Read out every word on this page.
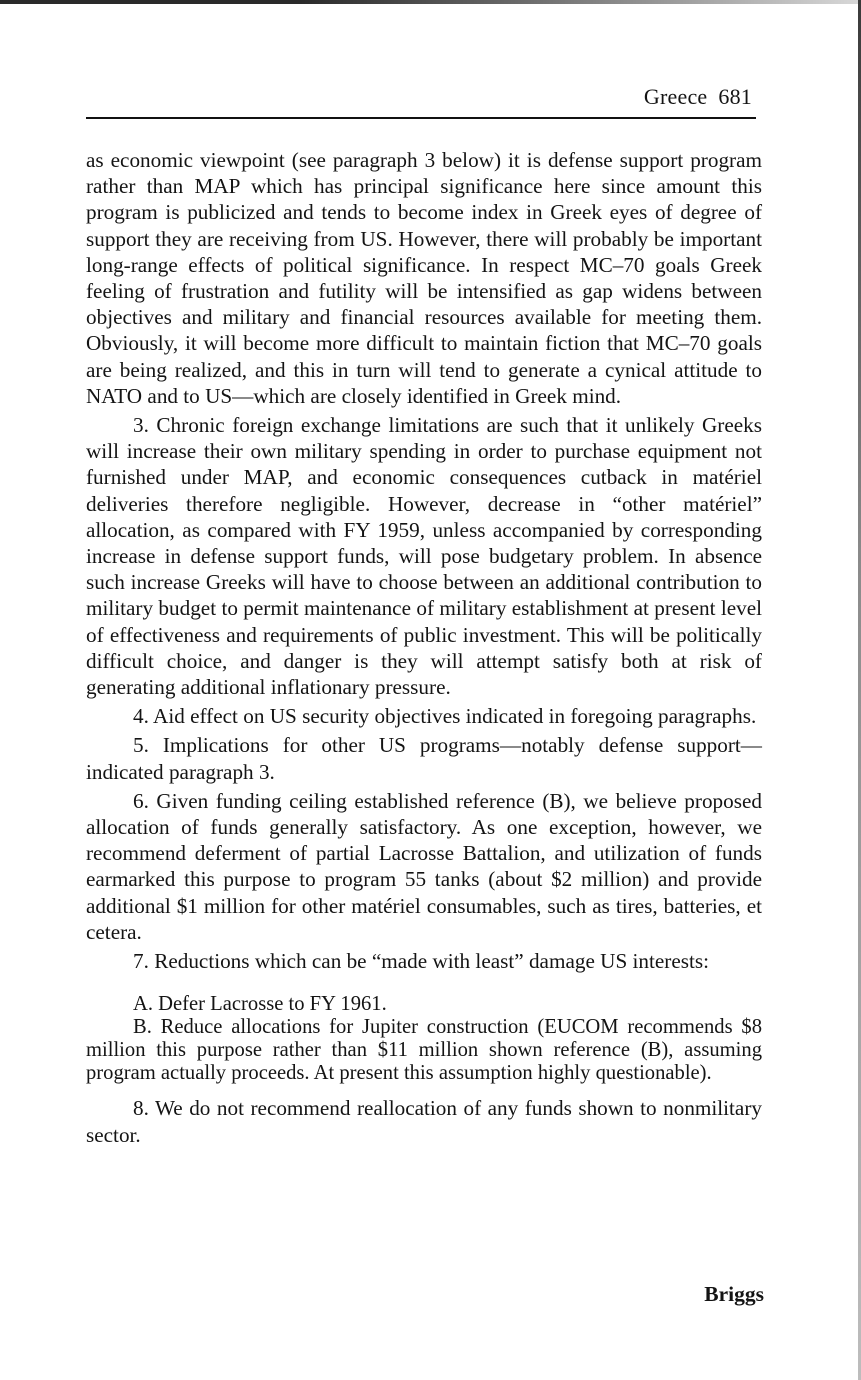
Greece 681

as economic viewpoint (see paragraph 3 below) it is defense support program rather than MAP which has principal significance here since amount this program is publicized and tends to become index in Greek eyes of degree of support they are receiving from US. However, there will probably be important long-range effects of political significance. In respect MC–70 goals Greek feeling of frustration and futility will be intensified as gap widens between objectives and military and financial resources available for meeting them. Obviously, it will become more difficult to maintain fiction that MC–70 goals are being realized, and this in turn will tend to generate a cynical attitude to NATO and to US—which are closely identified in Greek mind.

3. Chronic foreign exchange limitations are such that it unlikely Greeks will increase their own military spending in order to purchase equipment not furnished under MAP, and economic consequences cutback in matériel deliveries therefore negligible. However, decrease in “other matériel” allocation, as compared with FY 1959, unless accompanied by corresponding increase in defense support funds, will pose budgetary problem. In absence such increase Greeks will have to choose between an additional contribution to military budget to permit maintenance of military establishment at present level of effectiveness and requirements of public investment. This will be politically difficult choice, and danger is they will attempt satisfy both at risk of generating additional inflationary pressure.

4. Aid effect on US security objectives indicated in foregoing paragraphs.

5. Implications for other US programs—notably defense support—indicated paragraph 3.

6. Given funding ceiling established reference (B), we believe proposed allocation of funds generally satisfactory. As one exception, however, we recommend deferment of partial Lacrosse Battalion, and utilization of funds earmarked this purpose to program 55 tanks (about $2 million) and provide additional $1 million for other matériel consumables, such as tires, batteries, et cetera.

7. Reductions which can be “made with least” damage US interests:

A. Defer Lacrosse to FY 1961.

B. Reduce allocations for Jupiter construction (EUCOM recommends $8 million this purpose rather than $11 million shown reference (B), assuming program actually proceeds. At present this assumption highly questionable).

8. We do not recommend reallocation of any funds shown to nonmilitary sector.

Briggs
